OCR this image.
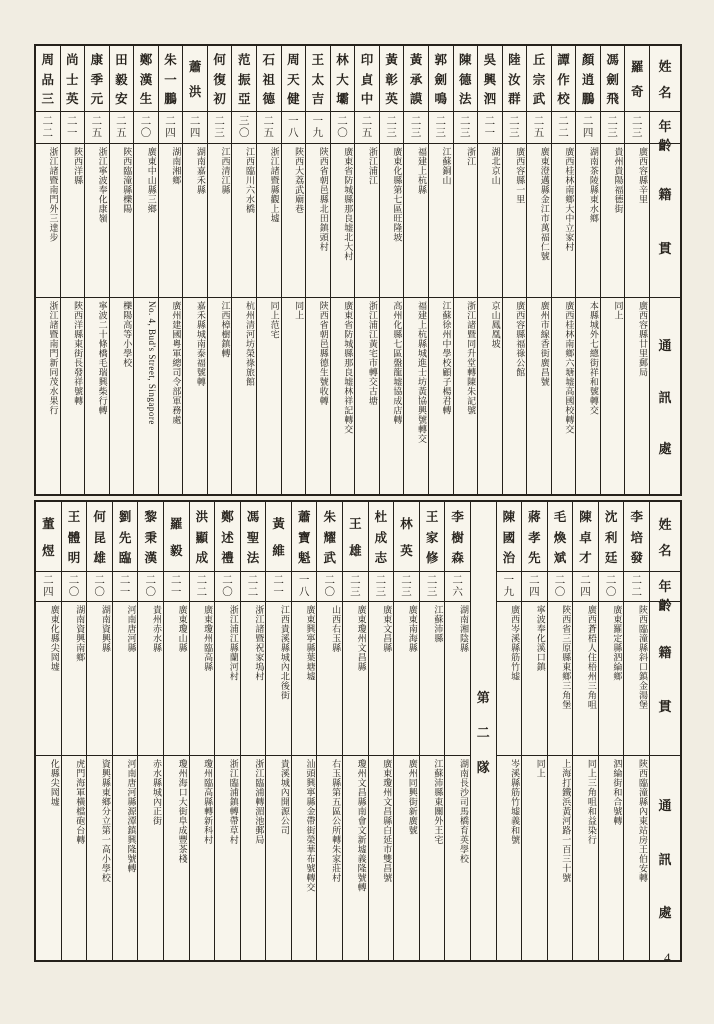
姓
名
年
齡
籍
貫
通
訊
處
羅
奇
二
三
廣西容縣辛里
廣西容縣廿里郵局
馮
劍
飛
二
三
貴州貴陽福德街
同上
顏
逍
鵬
二
四
湖南茶陵縣東水鄉
本縣城外七總街祥和號轉交
譚
作
校
二
二
廣西桂林南鄉大中立家村
廣西桂林南鄉六塘墟高國校轉交
丘
宗
武
二
五
廣東澄邁縣金江市萬福仁號
廣州市線香街廣昌號
陸
汝
群
二
三
廣西容縣一里
廣西容縣福祿公館
吳
興
泗
二
一
湖北京山
京山鳳凰坡
陳
德
法
二
三
浙江
浙江諸暨同升堂轉陳朱記號
郭
劍
鳴
二
三
江蘇銅山
江蘇徐州中學校顧子楊君轉
黃
承
謨
二
三
福建上杭縣
福建上杭縣城進士坊黃協興號轉交
黃
彰
英
二
三
廣東化縣第七區旺隆坡
高州化縣七區盤龍墟協成店轉
印
貞
中
二
五
浙江浦江
浙江浦江黃宅市轉交古塘
林
大
壩
二
〇
廣東省防城縣那良墟北大村
廣東省防城縣那良墟林祥記轉交
王
太
吉
一
九
陝西省朝邑縣北田鎮頭村
陝西省朝邑縣德生號收轉
周
天
健
一
八
陝西大荔武廟巷
同上
石
祖
德
二
五
浙江諸暨縣觀上墟
同上范宅
范
振
亞
三
〇
江西臨川六水橋
杭州清河坊榮祿旅館
何
復
初
二
三
江西清江縣
江西樟樹鎮轉
蕭
洪
二
四
湖南嘉禾縣
嘉禾縣城南泰福號轉
朱
一
鵬
二
四
湖南湘鄉
廣州建國粵軍總司令部軍務處
鄭
漢
生
二
〇
廣東中山縣三鄉
No. 4, Bud's Street, Singapore
田
毅
安
二
五
陝西臨潼縣櫟陽
櫟陽高等小學校
康
季
元
二
五
浙江寧波奉化康嶺
寧波二十條橋毛瑞興柴行轉
尚
士
英
二
一
陝西洋縣
陝西洋縣東街長發祥號轉
周
品
三
二
二
浙江諸暨南門外三達步
浙江諸暨南門新同茂水果行
姓
名
年
齡
籍
貫
通
訊
處
李
培
發
二
二
陝西臨潼縣斜口鎮金湯堡
陝西臨潼縣內東站房王伯安轉
沈
利
廷
二
〇
廣東羅定縣泗綸鄉
泗綸街和合號轉
陳
卓
才
二
四
廣西蒼梧人住梧州三角咀
同上三角咀和益染行
毛
煥
斌
二
〇
陝西省三原縣東鄉三角堡
上海打鐵浜黃河路一百三十號
蔣
孝
先
二
四
寧波奉化溪口鎮
同上
陳
國
治
一
九
廣西岑溪縣筋竹墟
岑溪縣筋竹墟義和號
第
二
隊
李
樹
森
二
六
湖南湘陰縣
湖南長沙司馬橋育英學校
王
家
修
二
三
江蘇沛縣
江蘇沛縣東關外王宅
林
英
二
三
廣東南海縣
廣州同興街新廣號
杜
成
志
二
三
廣東文昌縣
廣東瓊州文昌縣白延市雙昌號
王
雄
二
三
廣東瓊州文昌縣
瓊州文昌縣南會文新墟義隆號轉
朱
耀
武
二
〇
山西右玉縣
右玉縣第五區公所轉朱家莊村
蕭
寶
魁
一
八
廣東興寧縣葉塘墟
汕頭興寧縣金帶街榮華布號轉交
黃
維
二
一
江西貴溪縣城內北後街
貴溪城內開源公司
馮
聖
法
二
二
浙江諸暨祝家塢村
浙江臨浦轉湄池郵局
鄭
述
禮
二
〇
浙江浦江縣蘭河村
浙江臨浦鎮轉帶草村
洪
顯
成
二
二
廣東瓊州臨高縣
瓊州臨高縣轉新科村
羅
毅
二
一
廣東瓊山縣
瓊州海口大街阜成豐茶棧
黎
秉
漢
二
〇
貴州赤水縣
赤水縣城內正街
劉
先
臨
二
一
河南唐河縣
河南唐河縣源潭鎮興隆號轉
何
昆
雄
二
〇
湖南資興縣
資興縣東鄉分立第一高小學校
王
體
明
二
〇
湖南資興南鄉
虎門海軍橫檔砲台轉
董
煜
二
四
廣東化縣尖岡墟
化縣尖岡墟
4
